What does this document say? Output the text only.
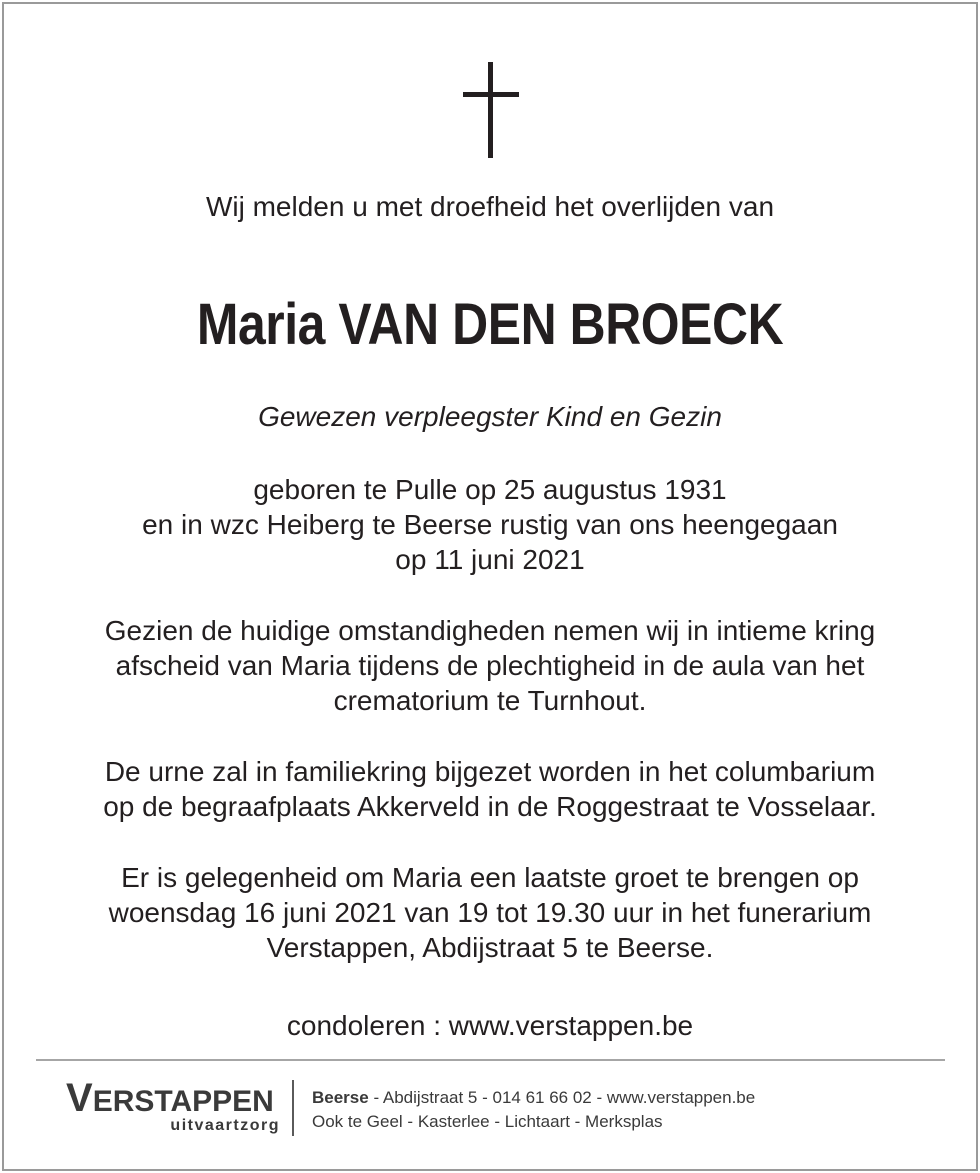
Wij melden u met droefheid het overlijden van
Maria VAN DEN BROECK
Gewezen verpleegster Kind en Gezin
geboren te Pulle op 25 augustus 1931
en in wzc Heiberg te Beerse rustig van ons heengegaan
op 11 juni 2021
Gezien de huidige omstandigheden nemen wij in intieme kring
afscheid van Maria tijdens de plechtigheid in de aula van het
crematorium te Turnhout.
De urne zal in familiekring bijgezet worden in het columbarium
op de begraafplaats Akkerveld in de Roggestraat te Vosselaar.
Er is gelegenheid om Maria een laatste groet te brengen op
woensdag 16 juni 2021 van 19 tot 19.30 uur in het funerarium
Verstappen, Abdijstraat 5 te Beerse.
condoleren : www.verstappen.be
VERSTAPPEN
uitvaartzorg
Beerse - Abdijstraat 5 - 014 61 66 02 - www.verstappen.be
Ook te Geel - Kasterlee - Lichtaart - Merksplas
